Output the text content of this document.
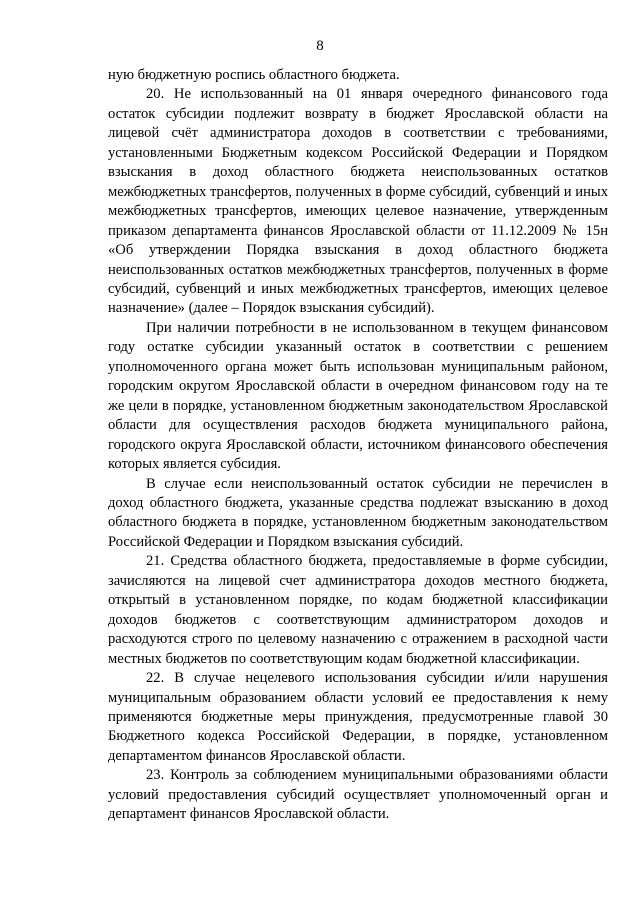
8

ную бюджетную роспись областного бюджета.

20. Не использованный на 01 января очередного финансового года остаток субсидии подлежит возврату в бюджет Ярославской области на лицевой счёт администратора доходов в соответствии с требованиями, установленными Бюджетным кодексом Российской Федерации и Порядком взыскания в доход областного бюджета неиспользованных остатков межбюджетных трансфертов, полученных в форме субсидий, субвенций и иных межбюджетных трансфертов, имеющих целевое назначение, утвержденным приказом департамента финансов Ярославской области от 11.12.2009 № 15н «Об утверждении Порядка взыскания в доход областного бюджета неиспользованных остатков межбюджетных трансфертов, полученных в форме субсидий, субвенций и иных межбюджетных трансфертов, имеющих целевое назначение» (далее – Порядок взыскания субсидий).

При наличии потребности в не использованном в текущем финансовом году остатке субсидии указанный остаток в соответствии с решением уполномоченного органа может быть использован муниципальным районом, городским округом Ярославской области в очередном финансовом году на те же цели в порядке, установленном бюджетным законодательством Ярославской области для осуществления расходов бюджета муниципального района, городского округа Ярославской области, источником финансового обеспечения которых является субсидия.

В случае если неиспользованный остаток субсидии не перечислен в доход областного бюджета, указанные средства подлежат взысканию в доход областного бюджета в порядке, установленном бюджетным законодательством Российской Федерации и Порядком взыскания субсидий.

21. Средства областного бюджета, предоставляемые в форме субсидии, зачисляются на лицевой счет администратора доходов местного бюджета, открытый в установленном порядке, по кодам бюджетной классификации доходов бюджетов с соответствующим администратором доходов и расходуются строго по целевому назначению с отражением в расходной части местных бюджетов по соответствующим кодам бюджетной классификации.

22. В случае нецелевого использования субсидии и/или нарушения муниципальным образованием области условий ее предоставления к нему применяются бюджетные меры принуждения, предусмотренные главой 30 Бюджетного кодекса Российской Федерации, в порядке, установленном департаментом финансов Ярославской области.

23. Контроль за соблюдением муниципальными образованиями области условий предоставления субсидий осуществляет уполномоченный орган и департамент финансов Ярославской области.
